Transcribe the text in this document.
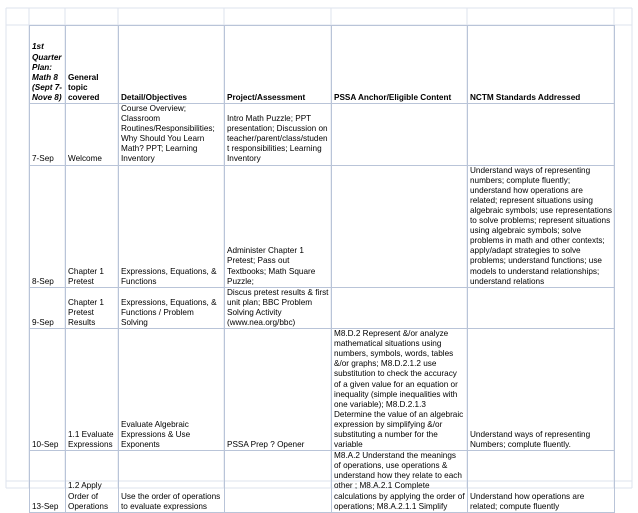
1st Quarter Plan: Math 8 (Sept 7-Nove 8)	General topic covered	Detail/Objectives	Project/Assessment	PSSA Anchor/Eligible Content	NCTM Standards Addressed
7-Sep	Welcome	Course Overview; Classroom Routines/Responsibilities; Why Should You Learn Math? PPT; Learning Inventory	Intro Math Puzzle; PPT presentation; Discussion on teacher/parent/class/student responsibilities; Learning Inventory		
8-Sep	Chapter 1 Pretest	Expressions, Equations, & Functions	Administer Chapter 1 Pretest; Pass out Textbooks; Math Square Puzzle;		Understand ways of representing numbers; complute fluently; understand how operations are related; represent situations using algebraic symbols; use representations to solve problems; represent situations using algebraic symbols; solve problems in math and other contexts; apply/adapt strategies to solve problems; understand functions; use models to understand relationships; understand relations
9-Sep	Chapter 1 Pretest Results	Expressions, Equations, & Functions / Problem Solving	Discus pretest results & first unit plan; BBC Problem Solving Activity (www.nea.org/bbc)		
10-Sep	1.1 Evaluate Expressions	Evaluate Algebraic Expressions & Use Exponents	PSSA Prep ? Opener	M8.D.2 Represent &/or analyze mathematical situations using numbers, symbols, words, tables &/or graphs; M8.D.2.1.2 use substitution to check the accuracy of a given value for an equation or inequality (simple inequalities with one variable); M8.D.2.1.3 Determine the value of an algebraic expression by simplifying &/or substituting a number for the variable	Understand ways of representing Numbers; complute fluently.
13-Sep	1.2 Apply Order of Operations	Use the order of operations to evaluate expressions		M8.A.2 Understand the meanings of operations, use operations & understand how they relate to each other ; M8.A.2.1 Complete calculations by applying the order of operations; M8.A.2.1.1 Simplify	Understand how operations are related; compute fluently
